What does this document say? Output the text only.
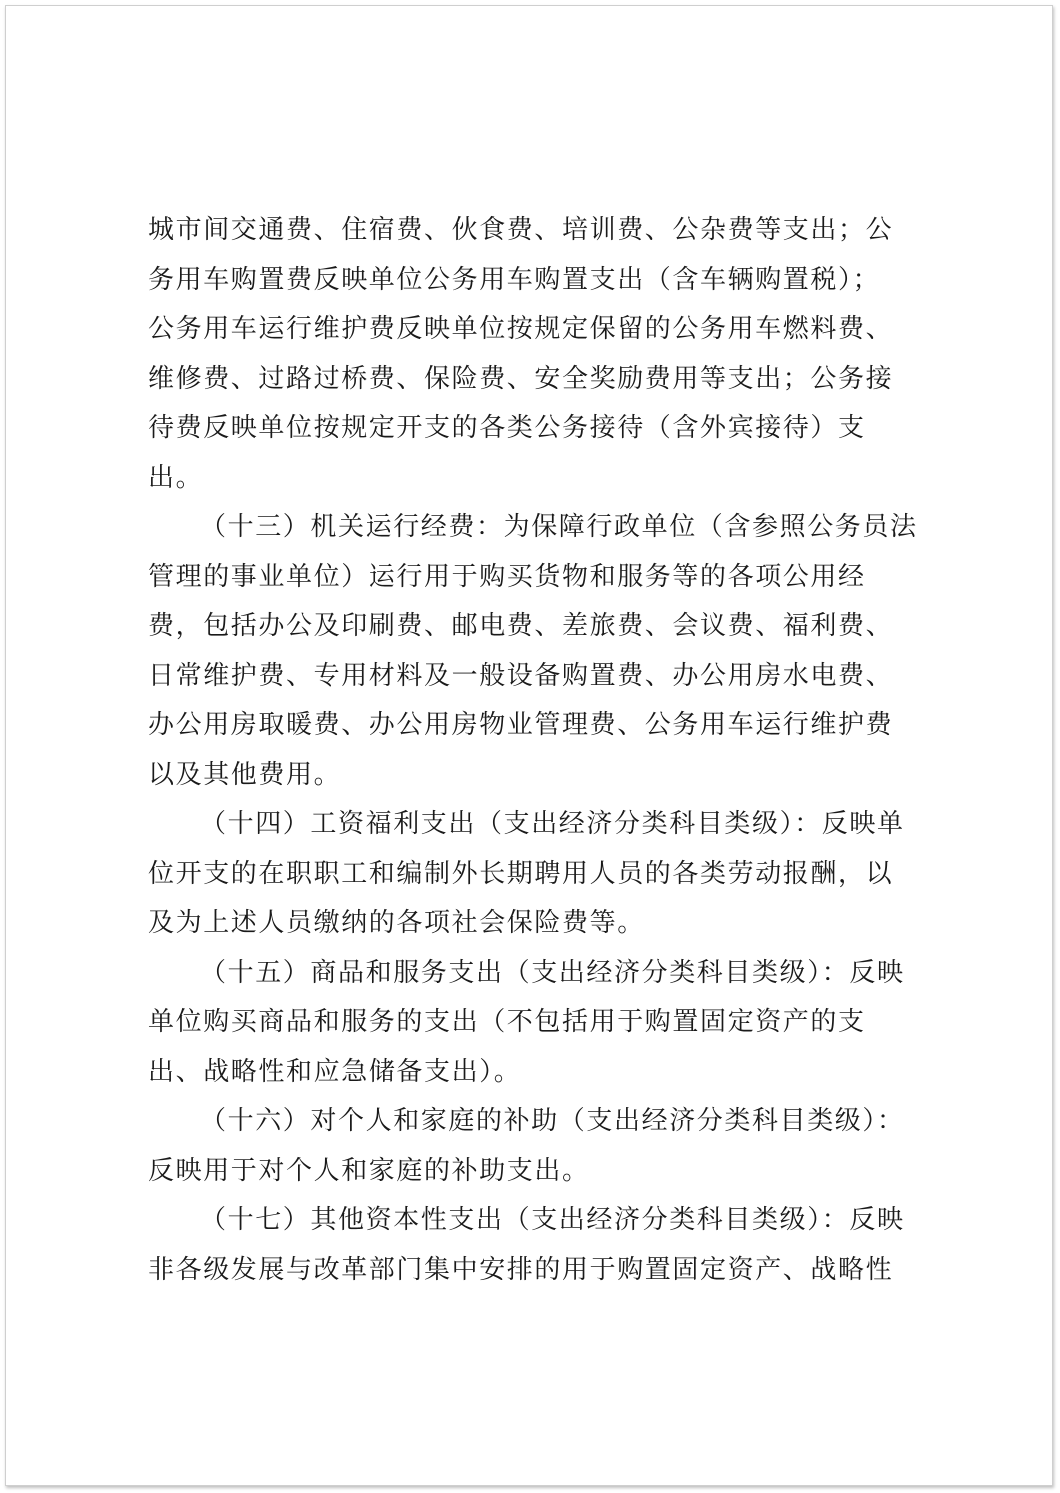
城市间交通费、住宿费、伙食费、培训费、公杂费等支出；公
务用车购置费反映单位公务用车购置支出（含车辆购置税）；
公务用车运行维护费反映单位按规定保留的公务用车燃料费、
维修费、过路过桥费、保险费、安全奖励费用等支出；公务接
待费反映单位按规定开支的各类公务接待（含外宾接待）支
出。
（十三）机关运行经费：为保障行政单位（含参照公务员法
管理的事业单位）运行用于购买货物和服务等的各项公用经
费，包括办公及印刷费、邮电费、差旅费、会议费、福利费、
日常维护费、专用材料及一般设备购置费、办公用房水电费、
办公用房取暖费、办公用房物业管理费、公务用车运行维护费
以及其他费用。
（十四）工资福利支出（支出经济分类科目类级）：反映单
位开支的在职职工和编制外长期聘用人员的各类劳动报酬，以
及为上述人员缴纳的各项社会保险费等。
（十五）商品和服务支出（支出经济分类科目类级）：反映
单位购买商品和服务的支出（不包括用于购置固定资产的支
出、战略性和应急储备支出）。
（十六）对个人和家庭的补助（支出经济分类科目类级）：
反映用于对个人和家庭的补助支出。
（十七）其他资本性支出（支出经济分类科目类级）：反映
非各级发展与改革部门集中安排的用于购置固定资产、战略性
